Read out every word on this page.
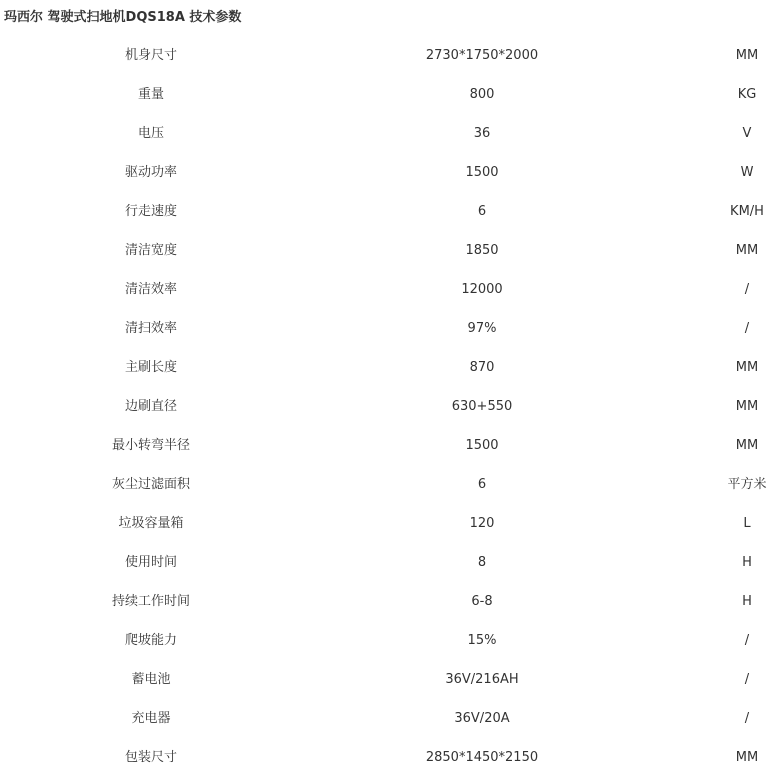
玛西尔 驾驶式扫地机DQS18A 技术参数
机身尺寸	2730*1750*2000	MM
重量	800	KG
电压	36	V
驱动功率	1500	W
行走速度	6	KM/H
清洁宽度	1850	MM
清洁效率	12000	/
清扫效率	97%	/
主刷长度	870	MM
边刷直径	630+550	MM
最小转弯半径	1500	MM
灰尘过滤面积	6	平方米
垃圾容量箱	120	L
使用时间	8	H
持续工作时间	6-8	H
爬坡能力	15%	/
蓄电池	36V/216AH	/
充电器	36V/20A	/
包装尺寸	2850*1450*2150	MM
